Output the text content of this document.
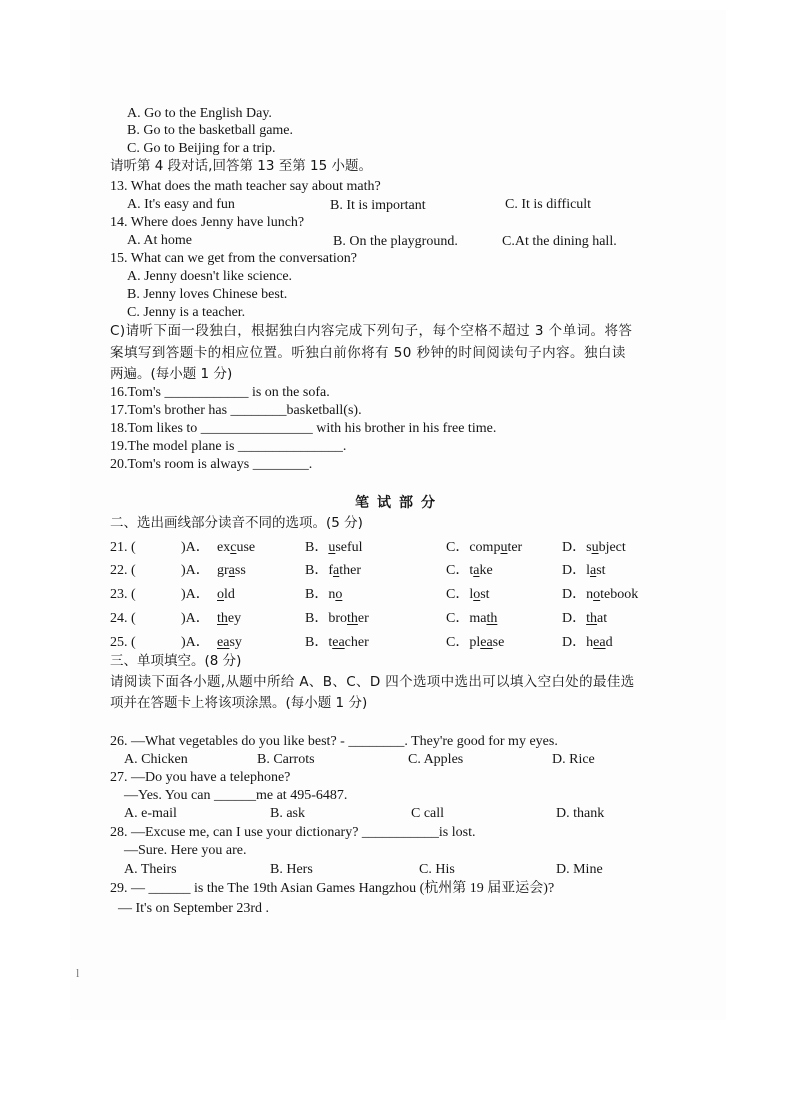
A. Go to the English Day.
B. Go to the basketball game.
C. Go to Beijing for a trip.
请听第 4 段对话,回答第 13 至第 15 小题。
13. What does the math teacher say about math?
A. It's easy and fun	B. It is important	C. It is difficult
14. Where does Jenny have lunch?
A. At home	B. On the playground.	C.At the dining hall.
15. What can we get from the conversation?
A. Jenny doesn't like science.
B. Jenny loves Chinese best.
C. Jenny is a teacher.
C)请听下面一段独白，根据独白内容完成下列句子，每个空格不超过 3 个单词。将答
案填写到答题卡的相应位置。听独白前你将有 50 秒钟的时间阅读句子内容。独白读
两遍。(每小题 1 分)
16.Tom's ____________ is on the sofa.
17.Tom's brother has ________basketball(s).
18.Tom likes to ________________ with his brother in his free time.
19.The model plane is _______________.
20.Tom's room is always ________.
笔试部分
二、选出画线部分读音不同的选项。(5 分)
21. (	)A． excuse	B．useful	C．computer	D．subject
22. (	)A． grass	B．father	C．take	D．last
23. (	)A． old	B．no	C．lost	D．notebook
24. (	)A． they	B．brother	C．math	D．that
25. (	)A． easy	B．teacher	C．please	D．head
三、单项填空。(8 分)
请阅读下面各小题,从题中所给 A、B、C、D 四个选项中选出可以填入空白处的最佳选
项并在答题卡上将该项涂黑。(每小题 1 分)
26. —What vegetables do you like best? - ________. They're good for my eyes.
A. Chicken	B. Carrots	C. Apples	D. Rice
27. —Do you have a telephone?
—Yes. You can ______me at 495-6487.
A. e-mail	B. ask	C call	D. thank
28. —Excuse me, can I use your dictionary? ___________is lost.
—Sure. Here you are.
A. Theirs	B. Hers	C. His	D. Mine
29. — ______ is the The 19th Asian Games Hangzhou (杭州第 19 届亚运会)?
— It's on September 23rd .
l
